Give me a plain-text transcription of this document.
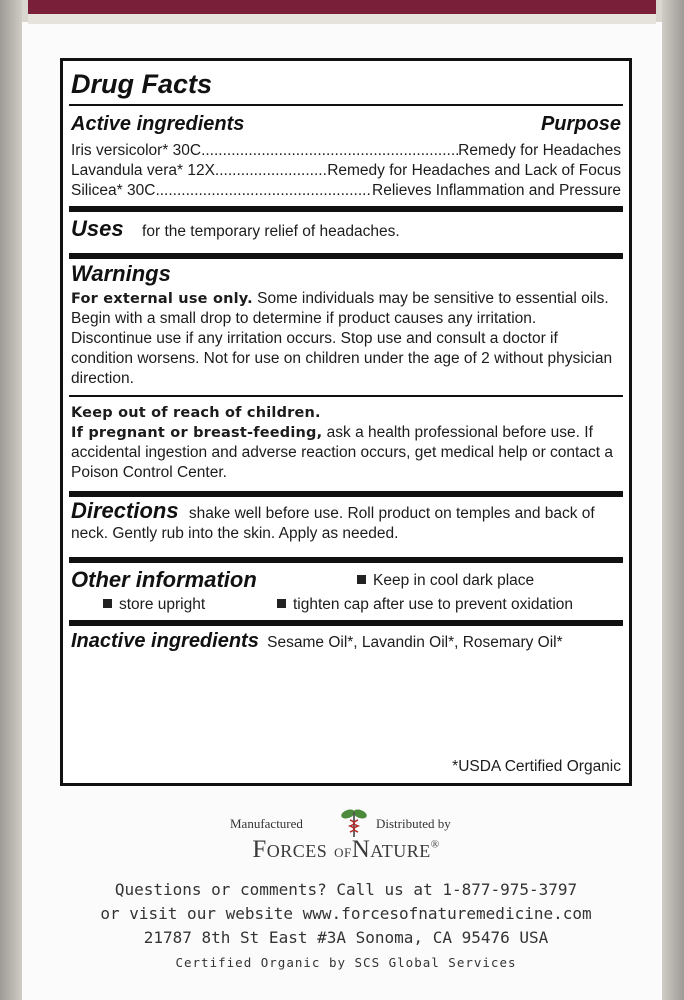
Drug Facts
Active ingredients	Purpose
Iris versicolor* 30C .....	Remedy for Headaches
Lavandula vera* 12X .....	Remedy for Headaches and Lack of Focus
Silicea* 30C .....	Relieves Inflammation and Pressure
Uses for the temporary relief of headaches.
Warnings
For external use only. Some individuals may be sensitive to essential oils. Begin with a small drop to determine if product causes any irritation. Discontinue use if any irritation occurs. Stop use and consult a doctor if condition worsens. Not for use on children under the age of 2 without physician direction.
Keep out of reach of children.
If pregnant or breast-feeding, ask a health professional before use. If accidental ingestion and adverse reaction occurs, get medical help or contact a Poison Control Center.
Directions shake well before use. Roll product on temples and back of neck. Gently rub into the skin. Apply as needed.
Other information	Keep in cool dark place
store upright	tighten cap after use to prevent oxidation
Inactive ingredients Sesame Oil*, Lavandin Oil*, Rosemary Oil*
*USDA Certified Organic
Manufactured	Distributed by
Forces ofNature®
Questions or comments? Call us at 1-877-975-3797
or visit our website www.forcesofnaturemedicine.com
21787 8th St East #3A Sonoma, CA 95476 USA
Certified Organic by SCS Global Services
